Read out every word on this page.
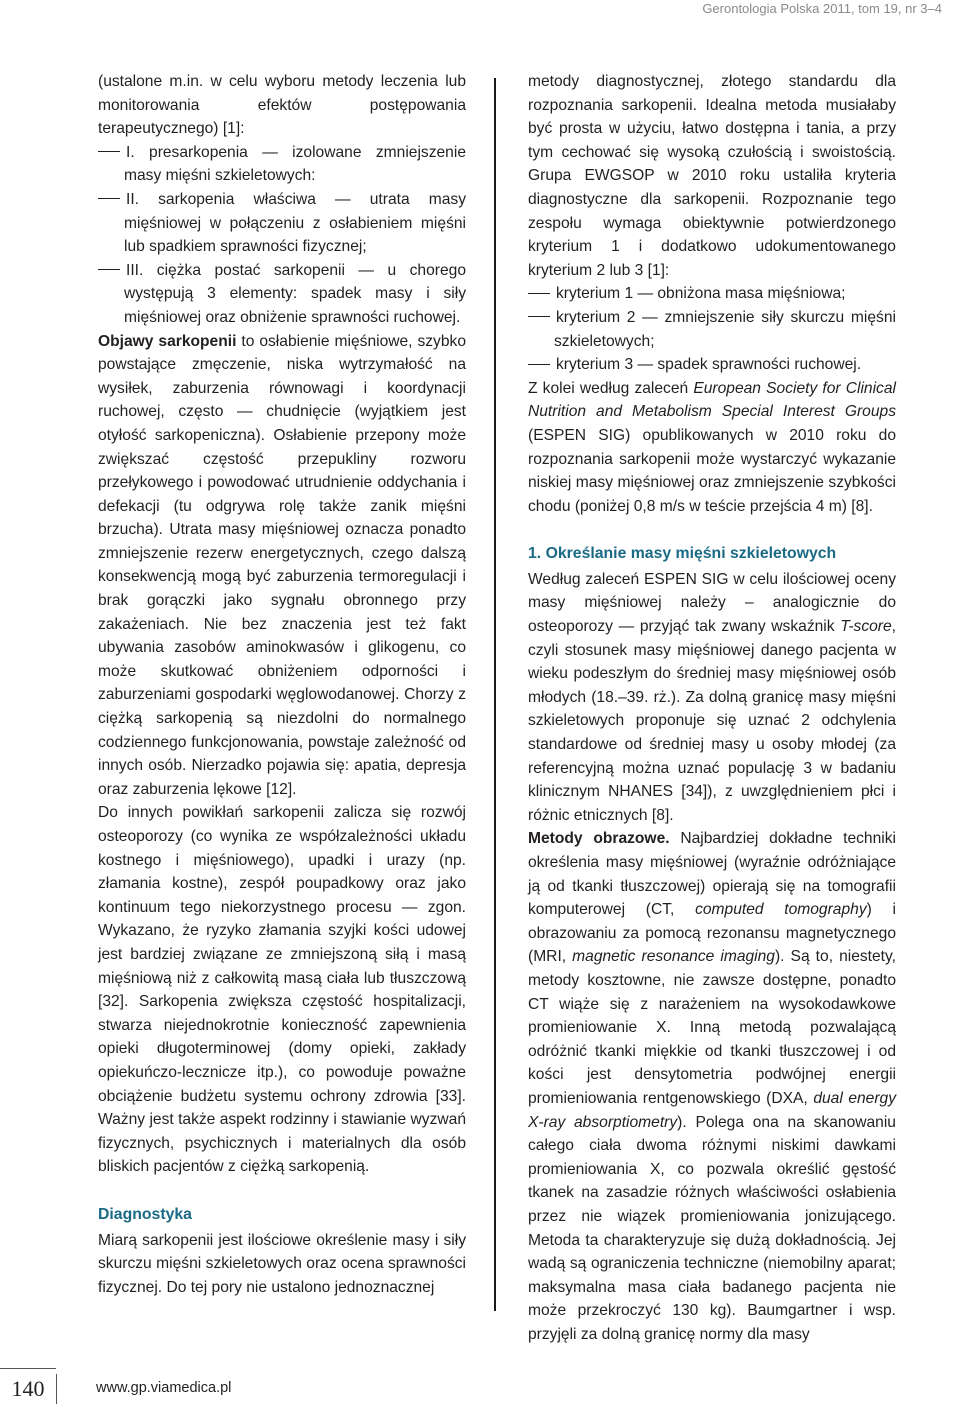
Gerontologia Polska 2011, tom 19, nr 3–4

(ustalone m.in. w celu wyboru metody leczenia lub monitorowania efektów postępowania terapeutycznego) [1]:

I. presarkopenia — izolowane zmniejszenie masy mięśni szkieletowych:

II. sarkopenia właściwa — utrata masy mięśniowej w połączeniu z osłabieniem mięśni lub spadkiem sprawności fizycznej;

III. ciężka postać sarkopenii — u chorego występują 3 elementy: spadek masy i siły mięśniowej oraz obniżenie sprawności ruchowej.

Objawy sarkopenii to osłabienie mięśniowe, szybko powstające zmęczenie, niska wytrzymałość na wysiłek, zaburzenia równowagi i koordynacji ruchowej, często — chudnięcie (wyjątkiem jest otyłość sarkopeniczna). Osłabienie przepony może zwiększać częstość przepukliny rozworu przełykowego i powodować utrudnienie oddychania i defekacji (tu odgrywa rolę także zanik mięśni brzucha). Utrata masy mięśniowej oznacza ponadto zmniejszenie rezerw energetycznych, czego dalszą konsekwencją mogą być zaburzenia termoregulacji i brak gorączki jako sygnału obronnego przy zakażeniach. Nie bez znaczenia jest też fakt ubywania zasobów aminokwasów i glikogenu, co może skutkować obniżeniem odporności i zaburzeniami gospodarki węglowodanowej. Chorzy z ciężką sarkopenią są niezdolni do normalnego codziennego funkcjonowania, powstaje zależność od innych osób. Nierzadko pojawia się: apatia, depresja oraz zaburzenia lękowe [12].

Do innych powikłań sarkopenii zalicza się rozwój osteoporozy (co wynika ze współzależności układu kostnego i mięśniowego), upadki i urazy (np. złamania kostne), zespół poupadkowy oraz jako kontinuum tego niekorzystnego procesu — zgon. Wykazano, że ryzyko złamania szyjki kości udowej jest bardziej związane ze zmniejszoną siłą i masą mięśniową niż z całkowitą masą ciała lub tłuszczową [32]. Sarkopenia zwiększa częstość hospitalizacji, stwarza niejednokrotnie konieczność zapewnienia opieki długoterminowej (domy opieki, zakłady opiekuńczo-lecznicze itp.), co powoduje poważne obciążenie budżetu systemu ochrony zdrowia [33]. Ważny jest także aspekt rodzinny i stawianie wyzwań fizycznych, psychicznych i materialnych dla osób bliskich pacjentów z ciężką sarkopenią.

Diagnostyka

Miarą sarkopenii jest ilościowe określenie masy i siły skurczu mięśni szkieletowych oraz ocena sprawności fizycznej. Do tej pory nie ustalono jednoznacznej

metody diagnostycznej, złotego standardu dla rozpoznania sarkopenii. Idealna metoda musiałaby być prosta w użyciu, łatwo dostępna i tania, a przy tym cechować się wysoką czułością i swoistością. Grupa EWGSOP w 2010 roku ustaliła kryteria diagnostyczne dla sarkopenii. Rozpoznanie tego zespołu wymaga obiektywnie potwierdzonego kryterium 1 i dodatkowo udokumentowanego kryterium 2 lub 3 [1]:

kryterium 1 — obniżona masa mięśniowa;

kryterium 2 — zmniejszenie siły skurczu mięśni szkieletowych;

kryterium 3 — spadek sprawności ruchowej.

Z kolei według zaleceń European Society for Clinical Nutrition and Metabolism Special Interest Groups (ESPEN SIG) opublikowanych w 2010 roku do rozpoznania sarkopenii może wystarczyć wykazanie niskiej masy mięśniowej oraz zmniejszenie szybkości chodu (poniżej 0,8 m/s w teście przejścia 4 m) [8].

1. Określanie masy mięśni szkieletowych

Według zaleceń ESPEN SIG w celu ilościowej oceny masy mięśniowej należy – analogicznie do osteoporozy — przyjąć tak zwany wskaźnik T-score, czyli stosunek masy mięśniowej danego pacjenta w wieku podeszłym do średniej masy mięśniowej osób młodych (18.–39. rż.). Za dolną granicę masy mięśni szkieletowych proponuje się uznać 2 odchylenia standardowe od średniej masy u osoby młodej (za referencyjną można uznać populację 3 w badaniu klinicznym NHANES [34]), z uwzględnieniem płci i różnic etnicznych [8].

Metody obrazowe. Najbardziej dokładne techniki określenia masy mięśniowej (wyraźnie odróżniające ją od tkanki tłuszczowej) opierają się na tomografii komputerowej (CT, computed tomography) i obrazowaniu za pomocą rezonansu magnetycznego (MRI, magnetic resonance imaging). Są to, niestety, metody kosztowne, nie zawsze dostępne, ponadto CT wiąże się z narażeniem na wysokodawkowe promieniowanie X. Inną metodą pozwalającą odróżnić tkanki miękkie od tkanki tłuszczowej i od kości jest densytometria podwójnej energii promieniowania rentgenowskiego (DXA, dual energy X-ray absorptiometry). Polega ona na skanowaniu całego ciała dwoma różnymi niskimi dawkami promieniowania X, co pozwala określić gęstość tkanek na zasadzie różnych właściwości osłabienia przez nie wiązek promieniowania jonizującego. Metoda ta charakteryzuje się dużą dokładnością. Jej wadą są ograniczenia techniczne (niemobilny aparat; maksymalna masa ciała badanego pacjenta nie może przekroczyć 130 kg). Baumgartner i wsp. przyjęli za dolną granicę normy dla masy

140	www.gp.viamedica.pl
